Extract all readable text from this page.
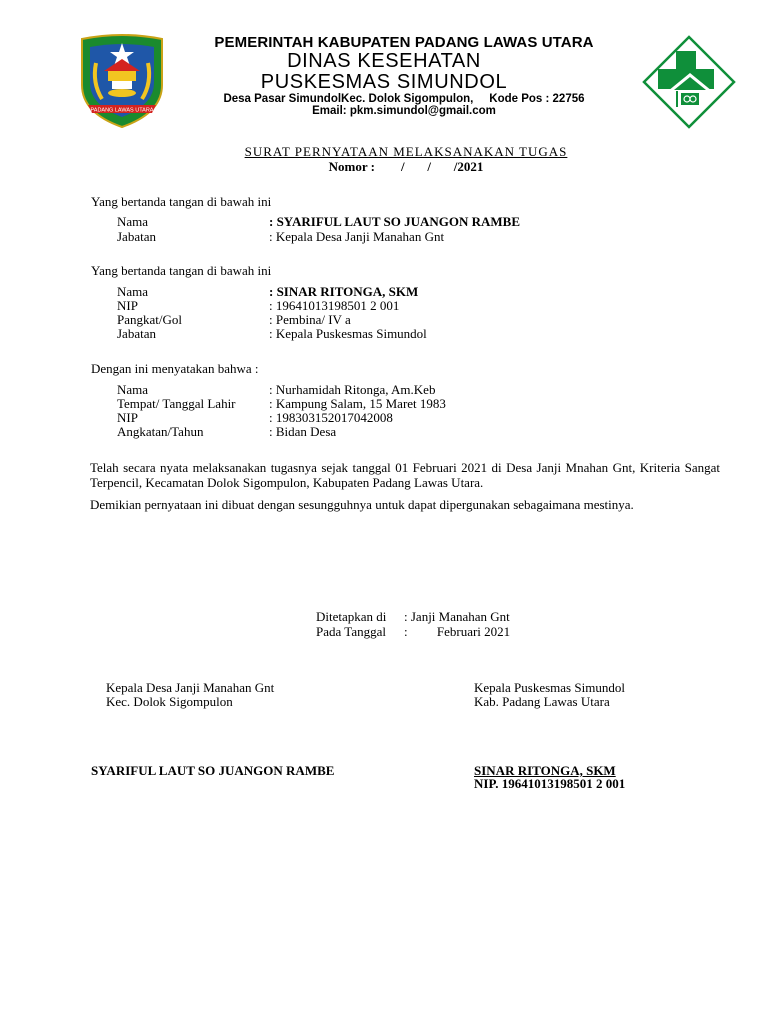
PADANG LAWAS UTARA
PEMERINTAH KABUPATEN PADANG LAWAS UTARA
DINAS KESEHATAN
PUSKESMAS SIMUNDOL
Desa Pasar SimundolKec. Dolok Sigompulon,     Kode Pos : 22756
Email: pkm.simundol@gmail.com
SURAT PERNYATAAN MELAKSANAKAN TUGAS
Nomor :        /       /       /2021
Yang bertanda tangan di bawah ini
Nama	: SYARIFUL LAUT SO JUANGON RAMBE
Jabatan	: Kepala Desa Janji Manahan Gnt
Yang bertanda tangan di bawah ini
Nama	: SINAR RITONGA, SKM
NIP	: 19641013198501 2 001
Pangkat/Gol	: Pembina/ IV a
Jabatan	: Kepala Puskesmas Simundol
Dengan ini menyatakan bahwa :
Nama	: Nurhamidah Ritonga, Am.Keb
Tempat/ Tanggal Lahir	: Kampung Salam, 15 Maret 1983
NIP	: 198303152017042008
Angkatan/Tahun	: Bidan Desa
Telah secara nyata melaksanakan tugasnya sejak tanggal 01 Februari 2021 di Desa Janji Mnahan Gnt, Kriteria Sangat Terpencil, Kecamatan Dolok Sigompulon, Kabupaten Padang Lawas Utara.
Demikian pernyataan ini dibuat dengan sesungguhnya untuk dapat dipergunakan sebagaimana mestinya.
Ditetapkan di : Janji Manahan Gnt
Pada Tanggal :         Februari 2021
Kepala Desa Janji Manahan Gnt
Kec. Dolok Sigompulon
SYARIFUL LAUT SO JUANGON RAMBE
Kepala Puskesmas Simundol
Kab. Padang Lawas Utara
SINAR RITONGA, SKM
NIP. 19641013198501 2 001
